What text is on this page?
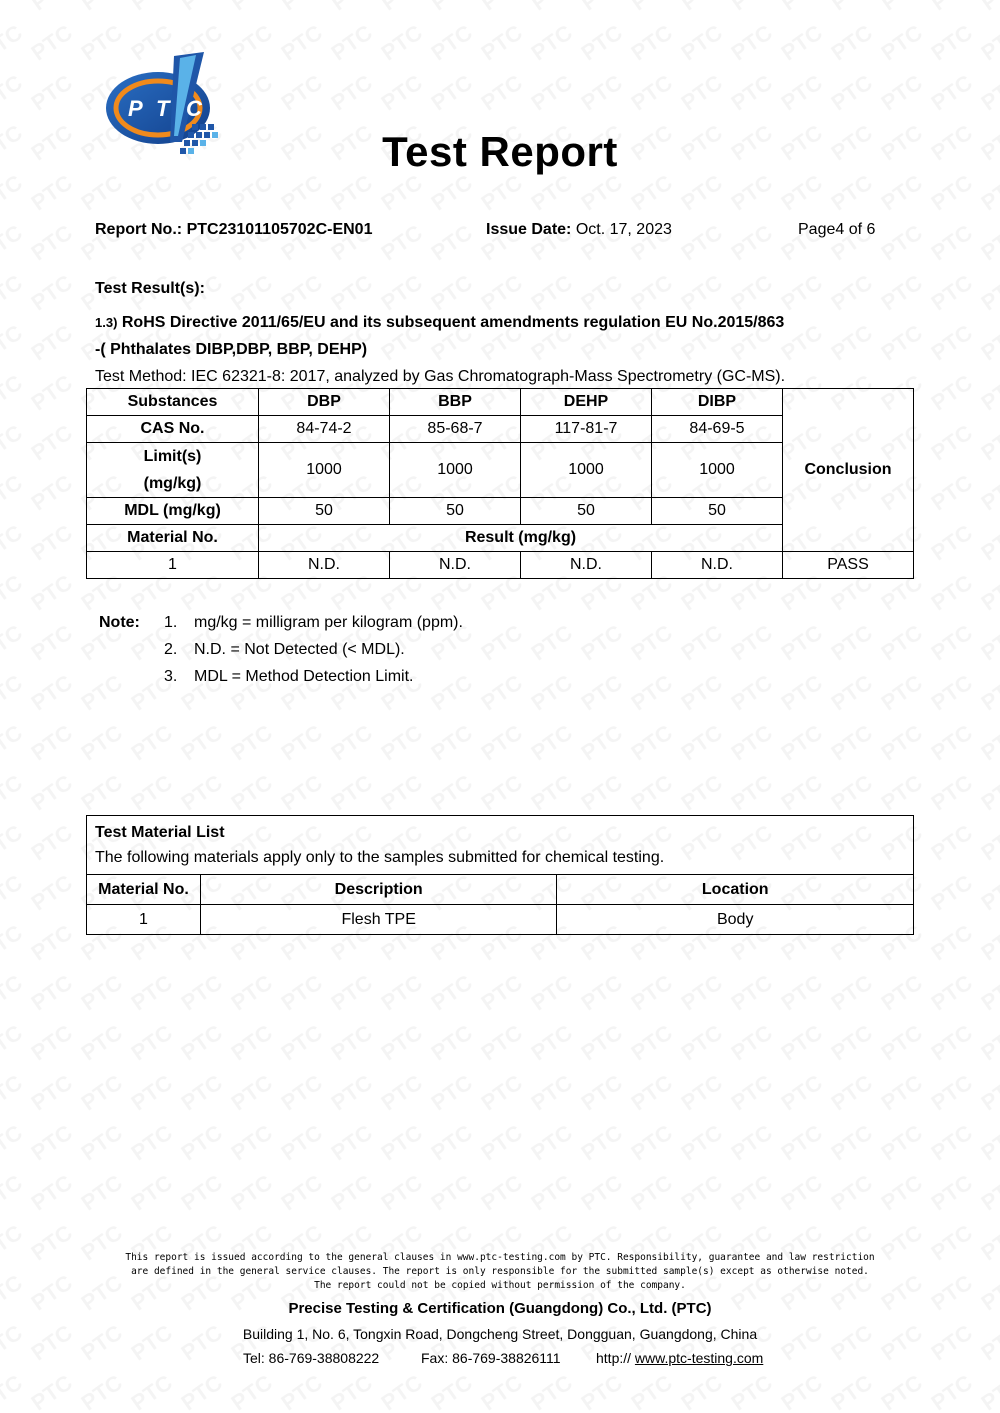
P T C
Test Report
Report No.: PTC23101105702C-EN01	Issue Date: Oct. 17, 2023	Page4 of 6
Test Result(s):
1.3) RoHS Directive 2011/65/EU and its subsequent amendments regulation EU No.2015/863
-( Phthalates DIBP,DBP, BBP, DEHP)
Test Method: IEC 62321-8: 2017, analyzed by Gas Chromatograph-Mass Spectrometry (GC-MS).
Substances	DBP	BBP	DEHP	DIBP	Conclusion
CAS No.	84-74-2	85-68-7	117-81-7	84-69-5	

Limit(s)
(mg/kg)	1000	1000	1000	1000	
MDL (mg/kg)	50	50	50	50	
Material No.	Result (mg/kg)				
1	N.D.	N.D.	N.D.	N.D.	PASS
Note: 1. mg/kg = milligram per kilogram (ppm).
2. N.D. = Not Detected (< MDL).
3. MDL = Method Detection Limit.
Test Material List
The following materials apply only to the samples submitted for chemical testing.		

Material No.	Description	Location
1	Flesh TPE	Body
This report is issued according to the general clauses in www.ptc-testing.com by PTC. Responsibility, guarantee and law restriction
are defined in the general service clauses. The report is only responsible for the submitted sample(s) except as otherwise noted.
The report could not be copied without permission of the company.
Precise Testing & Certification (Guangdong) Co., Ltd. (PTC)
Building 1, No. 6, Tongxin Road, Dongcheng Street, Dongguan, Guangdong, China
Tel: 86-769-38808222	Fax: 86-769-38826111	http:// www.ptc-testing.com
